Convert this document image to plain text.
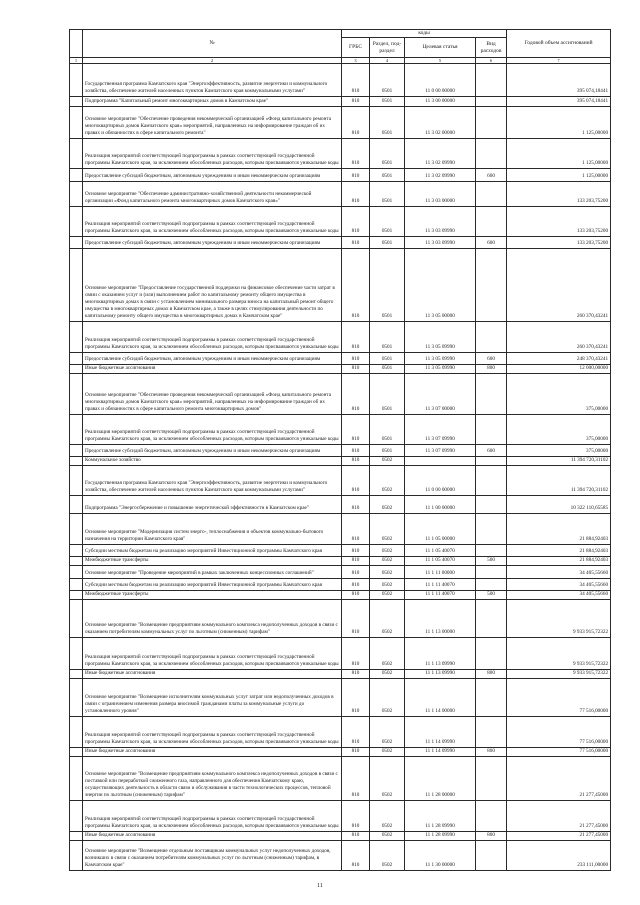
	№	коды				Годовой объем ассигнований
		ГРБС	Раздел, под-раздел	Целевая статья	Вид расходов	
1	2	3	4	5	6	7
	Государственная программа Камчатского края "Энергоэффективность, развитие энергетики и коммунального хозяйства, обеспечение жителей населенных пунктов Камчатского края коммунальными услугами"	810	0501	11 0 00 00000		395 074,18441
	Подпрограмма "Капитальный ремонт многоквартирных домов в Камчатском крае"	810	0501	11 3 00 00000		395 074,18441
	Основное мероприятие "Обеспечение проведения некоммерческой организацией «Фонд капитального ремонта многоквартирных домов Камчатского края» мероприятий, направленных на информирование граждан об их правах и обязанностях в сфере капитального ремонта"	810	0501	11 3 02 00000		1 125,00000
	Реализация мероприятий соответствующей подпрограммы в рамках соответствующей государственной программы Камчатского края, за исключением обособленных расходов, которым присваиваются уникальные коды	810	0501	11 3 02 09990		1 125,00000
	Предоставление субсидий бюджетным, автономным учреждениям и иным некоммерческим организациям	810	0501	11 3 02 09990	600	1 125,00000
	Основное мероприятие "Обеспечение административно-хозяйственной деятельности некоммерческой организации «Фонд капитального ремонта многоквартирных домов Камчатского края»"	810	0501	11 3 03 00000		133 203,75200
	Реализация мероприятий соответствующей подпрограммы в рамках соответствующей государственной программы Камчатского края, за исключением обособленных расходов, которым присваиваются уникальные коды	810	0501	11 3 03 09990		133 203,75200
	Предоставление субсидий бюджетным, автономным учреждениям и иным некоммерческим организациям	810	0501	11 3 03 09990	600	133 203,75200
	Основное мероприятие "Предоставление государственной поддержки на финансовое обеспечение части затрат в связи с оказанием услуг и (или) выполнением работ по капитальному ремонту общего имущества в многоквартирных домах в связи с установлением минимального размера взноса на капитальный ремонт общего имущества в многоквартирных домах в Камчатском крае, а также в целях стимулирования деятельности по капитальному ремонту общего имущества в многоквартирных домах в Камчатском крае"	810	0501	11 3 05 00000		260 370,43241
	Реализация мероприятий соответствующей подпрограммы в рамках соответствующей государственной программы Камчатского края, за исключением обособленных расходов, которым присваиваются уникальные коды	810	0501	11 3 05 09990		260 370,43241
	Предоставление субсидий бюджетным, автономным учреждениям и иным некоммерческим организациям	810	0501	11 3 05 09990	600	248 370,43241
	Иные бюджетные ассигнования	810	0501	11 3 05 09990	800	12 000,00000
	Основное мероприятие "Обеспечение проведения некоммерческой организацией «Фонд капитального ремонта многоквартирных домов Камчатского края» мероприятий, направленных на информирование граждан об их правах и обязанностях в сфере капитального ремонта многоквартирных домов"	810	0501	11 3 07 00000		375,00000
	Реализация мероприятий соответствующей подпрограммы в рамках соответствующей государственной программы Камчатского края, за исключением обособленных расходов, которым присваиваются уникальные коды	810	0501	11 3 07 09990		375,00000
	Предоставление субсидий бюджетным, автономным учреждениям и иным некоммерческим организациям	810	0501	11 3 07 09990	600	375,00000
	Коммунальное хозяйство	810	0502			11 394 720,31102
	Государственная программа Камчатского края "Энергоэффективность, развитие энергетики и коммунального хозяйства, обеспечение жителей населенных пунктов Камчатского края коммунальными услугами"	810	0502	11 0 00 00000		11 394 720,31102
	Подпрограмма "Энергосбережение и повышение энергетической эффективности в Камчатском крае"	810	0502	11 1 00 00000		10 322 110,65585
	Основное мероприятие "Модернизация систем энерго-, теплоснабжения и объектов коммунально-бытового назначения на территории Камчатского края"	810	0502	11 1 05 00000		21 884,92403
	Субсидии местным бюджетам на реализацию мероприятий Инвестиционной программы Камчатского края	810	0502	11 1 05 40070		21 884,92403
	Межбюджетные трансферты	810	0502	11 1 05 40070	500	21 884,92403
	Основное мероприятие "Проведение мероприятий в рамках заключенных концессионных соглашений"	810	0502	11 1 11 00000		34 405,55660
	Субсидии местным бюджетам на реализацию мероприятий Инвестиционной программы Камчатского края	810	0502	11 1 11 40070		34 405,55660
	Межбюджетные трансферты	810	0502	11 1 11 40070	500	34 405,55660
	Основное мероприятие "Возмещение предприятиям коммунального комплекса недополученных доходов в связи с оказанием потребителям коммунальных услуг по льготным (сниженным) тарифам"	810	0502	11 1 13 00000		9 933 915,72322
	Реализация мероприятий соответствующей подпрограммы в рамках соответствующей государственной программы Камчатского края, за исключением обособленных расходов, которым присваиваются уникальные коды	810	0502	11 1 13 09990		9 933 915,72322
	Иные бюджетные ассигнования	810	0502	11 1 13 09990	800	9 933 915,72322
	Основное мероприятие "Возмещение исполнителям коммунальных услуг затрат или недополученных доходов в связи с ограничением изменения размера вносимой гражданами платы за коммунальные услуги до установленного уровня"	810	0502	11 1 14 00000		77 516,00000
	Реализация мероприятий соответствующей подпрограммы в рамках соответствующей государственной программы Камчатского края, за исключением обособленных расходов, которым присваиваются уникальные коды	810	0502	11 1 14 09990		77 516,00000
	Иные бюджетные ассигнования	810	0502	11 1 14 09990	800	77 516,00000
	Основное мероприятие "Возмещение предприятиям коммунального комплекса недополученных доходов в связи с поставкой или переработкой сжиженного газа, направленного для обеспечения Камчатскому краю, осуществляющих деятельность в области связи и обслуживания в части технологических процессов, тепловой энергии по льготным (сниженным) тарифам"	810	0502	11 1 28 00000		21 277,45000
	Реализация мероприятий соответствующей подпрограммы в рамках соответствующей государственной программы Камчатского края, за исключением обособленных расходов, которым присваиваются уникальные коды	810	0502	11 1 28 09990		21 277,45000
	Иные бюджетные ассигнования	810	0502	11 1 28 09990	800	21 277,45000
	Основное мероприятие "Возмещение отдельным поставщикам коммунальных услуг недополученных доходов, возникших в связи с оказанием потребителям коммунальных услуг по льготным (сниженным) тарифам, в Камчатском крае"	810	0502	11 1 30 00000		233 111,00000
11
